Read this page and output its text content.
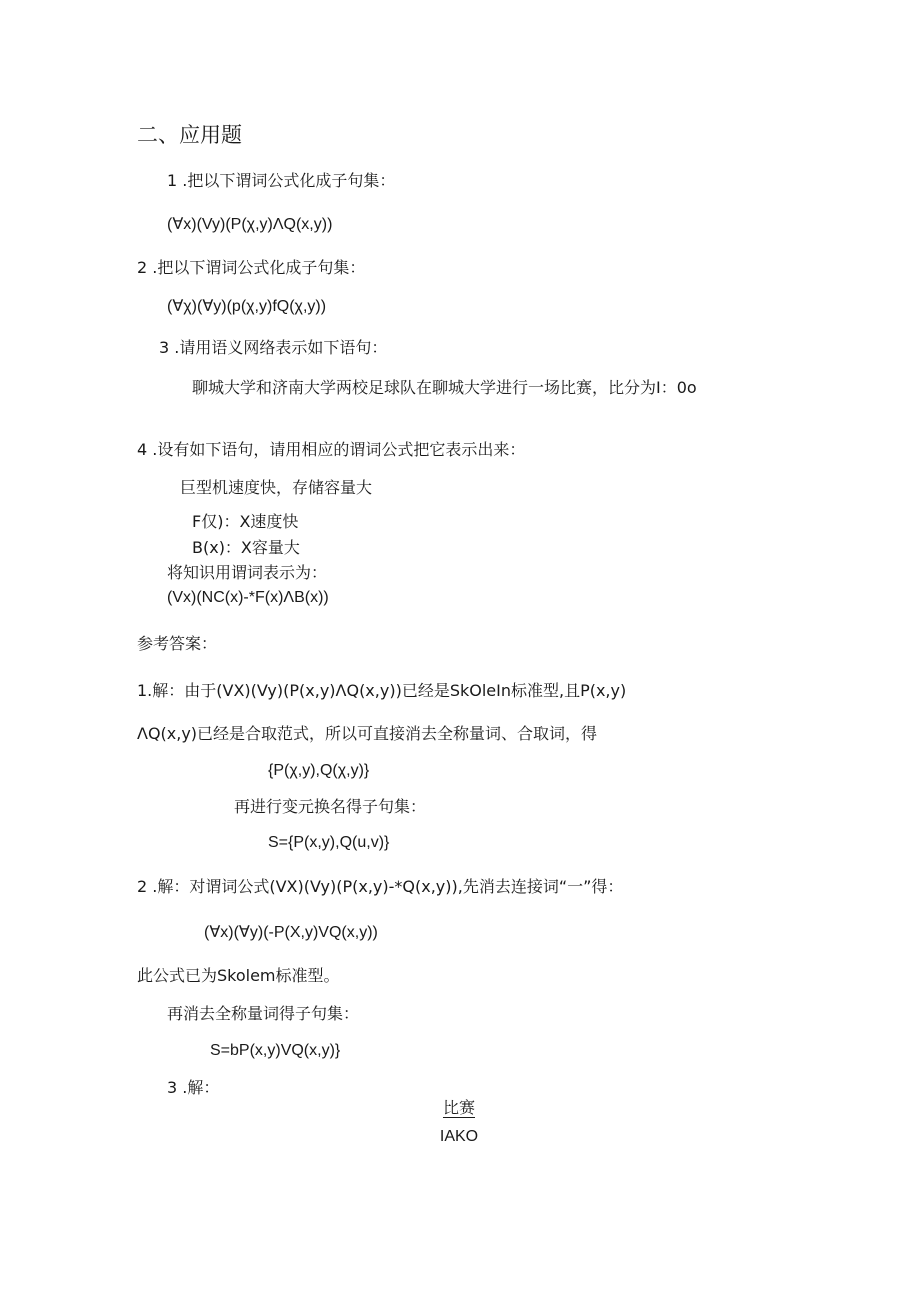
二、应用题
1 .把以下谓词公式化成子句集：
(∀x)(Vy)(P(χ,y)ΛQ(x,y))
2 .把以下谓词公式化成子句集：
(∀χ)(∀y)(p(χ,y)fQ(χ,y))
3 .请用语义网络表示如下语句：
聊城大学和济南大学两校足球队在聊城大学进行一场比赛，比分为I：0o
4 .设有如下语句，请用相应的谓词公式把它表示出来：
巨型机速度快，存储容量大
F仅)：X速度快
B(x)：X容量大
将知识用谓词表示为：
(Vx)(NC(x)-*F(x)ΛB(x))
参考答案：
1.解：由于(VX)(Vy)(P(x,y)ΛQ(x,y))已经是SkOleIn标准型,且P(x,y)
ΛQ(x,y)已经是合取范式，所以可直接消去全称量词、合取词，得
{P(χ,y),Q(χ,y)}
再进行变元换名得子句集：
S={P(x,y),Q(u,v)}
2 .解：对谓词公式(VX)(Vy)(P(x,y)-*Q(x,y)),先消去连接词“一”得：
(∀x)(∀y)(-P(X,y)VQ(x,y))
此公式已为Skolem标准型。
再消去全称量词得子句集：
S=bP(x,y)VQ(x,y)}
3 .解：
比赛
IAKO
